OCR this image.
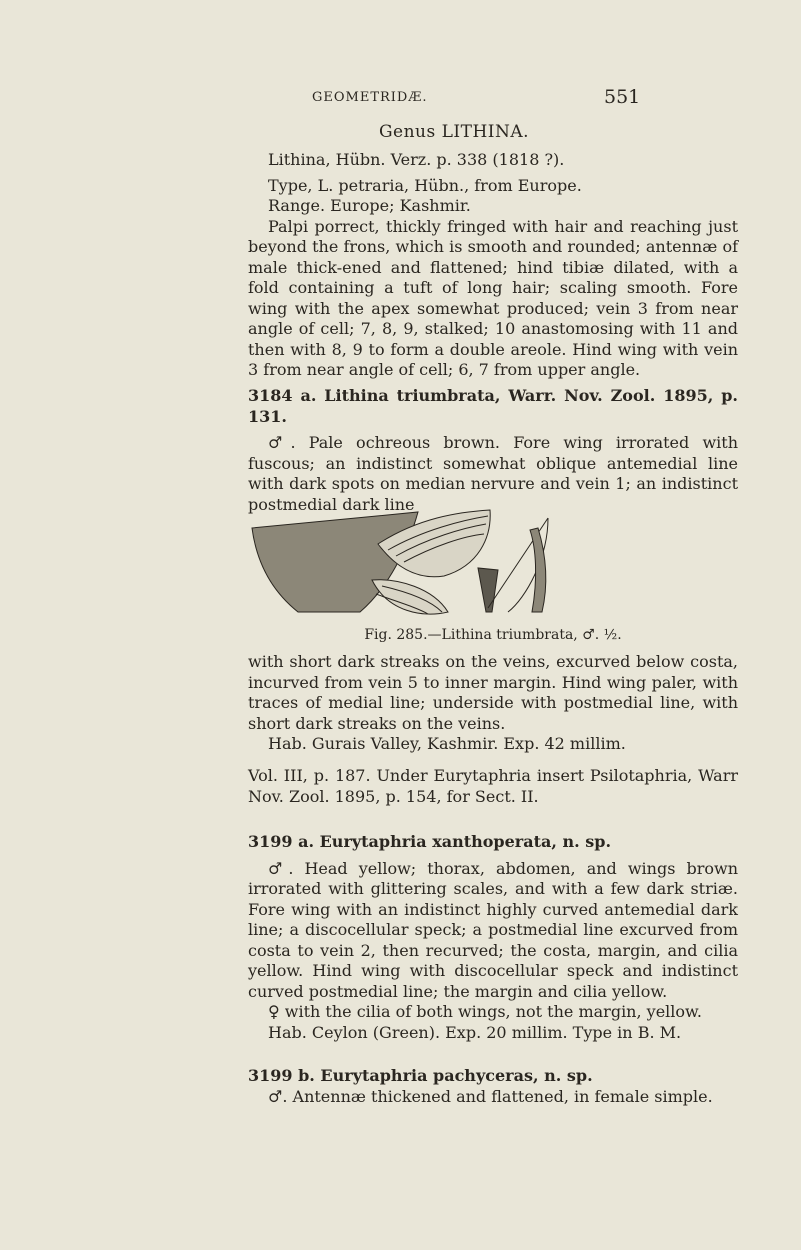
GEOMETRIDÆ.	551
Genus LITHINA.

Lithina, Hübn. Verz. p. 338 (1818 ?).

Type, L. petraria, Hübn., from Europe.

Range. Europe; Kashmir.

Palpi porrect, thickly fringed with hair and reaching just beyond the frons, which is smooth and rounded; antennæ of male thick-ened and flattened; hind tibiæ dilated, with a fold containing a tuft of long hair; scaling smooth. Fore wing with the apex somewhat produced; vein 3 from near angle of cell; 7, 8, 9, stalked; 10 anastomosing with 11 and then with 8, 9 to form a double areole. Hind wing with vein 3 from near angle of cell; 6, 7 from upper angle.

3184 a. Lithina triumbrata, Warr. Nov. Zool. 1895, p. 131.

♂. Pale ochreous brown. Fore wing irrorated with fuscous; an indistinct somewhat oblique antemedial line with dark spots on median nervure and vein 1; an indistinct postmedial dark line

Fig. 285.—Lithina triumbrata, ♂. ½.

with short dark streaks on the veins, excurved below costa, incurved from vein 5 to inner margin. Hind wing paler, with traces of medial line; underside with postmedial line, with short dark streaks on the veins.

Hab. Gurais Valley, Kashmir. Exp. 42 millim.

Vol. III, p. 187. Under Eurytaphria insert Psilotaphria, Warr Nov. Zool. 1895, p. 154, for Sect. II.

3199 a. Eurytaphria xanthoperata, n. sp.

♂. Head yellow; thorax, abdomen, and wings brown irrorated with glittering scales, and with a few dark striæ. Fore wing with an indistinct highly curved antemedial dark line; a discocellular speck; a postmedial line excurved from costa to vein 2, then recurved; the costa, margin, and cilia yellow. Hind wing with discocellular speck and indistinct curved postmedial line; the margin and cilia yellow.

♀ with the cilia of both wings, not the margin, yellow.

Hab. Ceylon (Green). Exp. 20 millim. Type in B. M.

3199 b. Eurytaphria pachyceras, n. sp.

♂. Antennæ thickened and flattened, in female simple.
